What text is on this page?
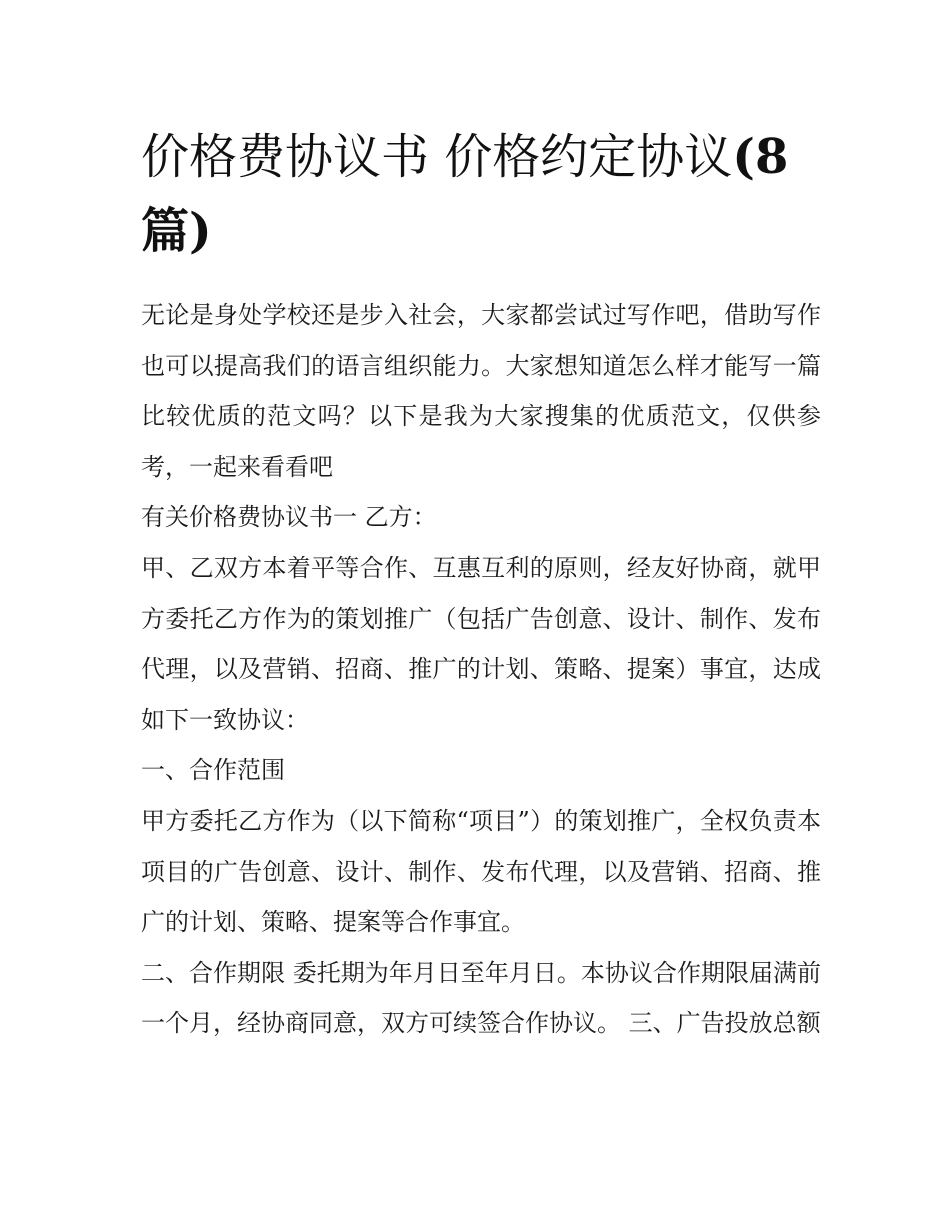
价格费协议书 价格约定协议(8篇)

无论是身处学校还是步入社会，大家都尝试过写作吧，借助写作也可以提高我们的语言组织能力。大家想知道怎么样才能写一篇比较优质的范文吗？以下是我为大家搜集的优质范文，仅供参考，一起来看看吧

有关价格费协议书一 乙方：

甲、乙双方本着平等合作、互惠互利的原则，经友好协商，就甲方委托乙方作为的策划推广（包括广告创意、设计、制作、发布代理，以及营销、招商、推广的计划、策略、提案）事宜，达成如下一致协议：

一、合作范围

甲方委托乙方作为（以下简称“项目”）的策划推广，全权负责本项目的广告创意、设计、制作、发布代理，以及营销、招商、推广的计划、策略、提案等合作事宜。

二、合作期限 委托期为年月日至年月日。本协议合作期限届满前一个月，经协商同意，双方可续签合作协议。 三、广告投放总额
